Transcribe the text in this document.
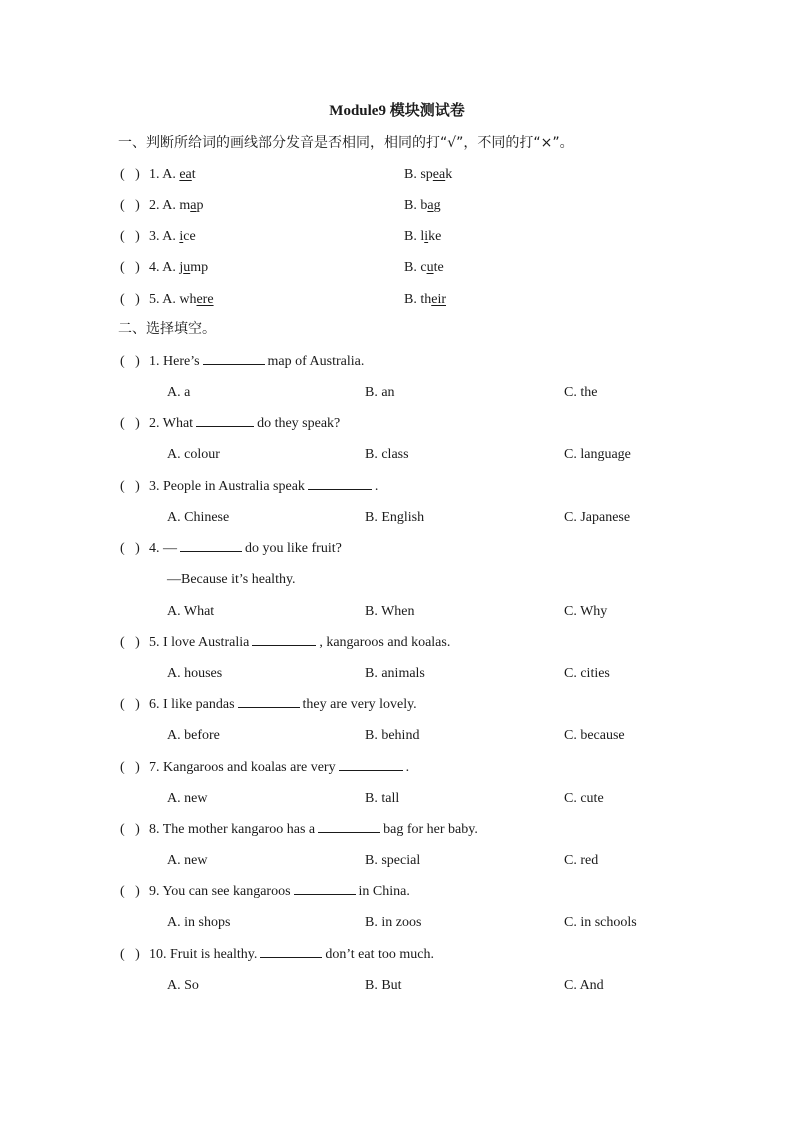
Module9 模块测试卷
一、判断所给词的画线部分发音是否相同，相同的打“√”，不同的打“×”。
(   ) 1. A. eat	B. speak
(   ) 2. A. map	B. bag
(   ) 3. A. ice	B. like
(   ) 4. A. jump	B. cute
(   ) 5. A. where	B. their
二、选择填空。
(   ) 1. Here’s	map of Australia.
A. a	B. an	C. the
(   ) 2. What	do they speak?
A. colour	B. class	C. language
(   ) 3. People in Australia speak	.
A. Chinese	B. English	C. Japanese
(   ) 4. —	do you like fruit?
—Because it’s healthy.
A. What	B. When	C. Why
(   ) 5. I love Australia	, kangaroos and koalas.
A. houses	B. animals	C. cities
(   ) 6. I like pandas	they are very lovely.
A. before	B. behind	C. because
(   ) 7. Kangaroos and koalas are very	.
A. new	B. tall	C. cute
(   ) 8. The mother kangaroo has a	bag for her baby.
A. new	B. special	C. red
(   ) 9. You can see kangaroos	in China.
A. in shops	B. in zoos	C. in schools
(   ) 10. Fruit is healthy.	don’t eat too much.
A. So	B. But	C. And
